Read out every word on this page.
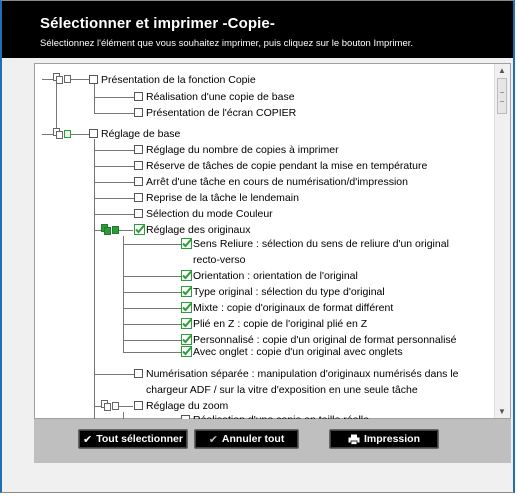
Sélectionner et imprimer -Copie-
Sélectionnez l'élément que vous souhaitez imprimer, puis cliquez sur le bouton Imprimer.
Présentation de la fonction Copie
Réalisation d'une copie de base
Présentation de l'écran COPIER
Réglage de base
Réglage du nombre de copies à imprimer
Réserve de tâches de copie pendant la mise en température
Arrêt d'une tâche en cours de numérisation/d'impression
Reprise de la tâche le lendemain
Sélection du mode Couleur
Réglage des originaux
Sens Reliure : sélection du sens de reliure d'un original
recto-verso
Orientation : orientation de l'original
Type original : sélection du type d'original
Mixte : copie d'originaux de format différent
Plié en Z : copie de l'original plié en Z
Personnalisé : copie d'un original de format personnalisé
Avec onglet : copie d'un original avec onglets
Numérisation séparée : manipulation d'originaux numérisés dans le
chargeur ADF / sur la vitre d'exposition en une seule tâche
Réglage du zoom
▲
▼
✔ Tout sélectionner ✔ Annuler tout	Impression
